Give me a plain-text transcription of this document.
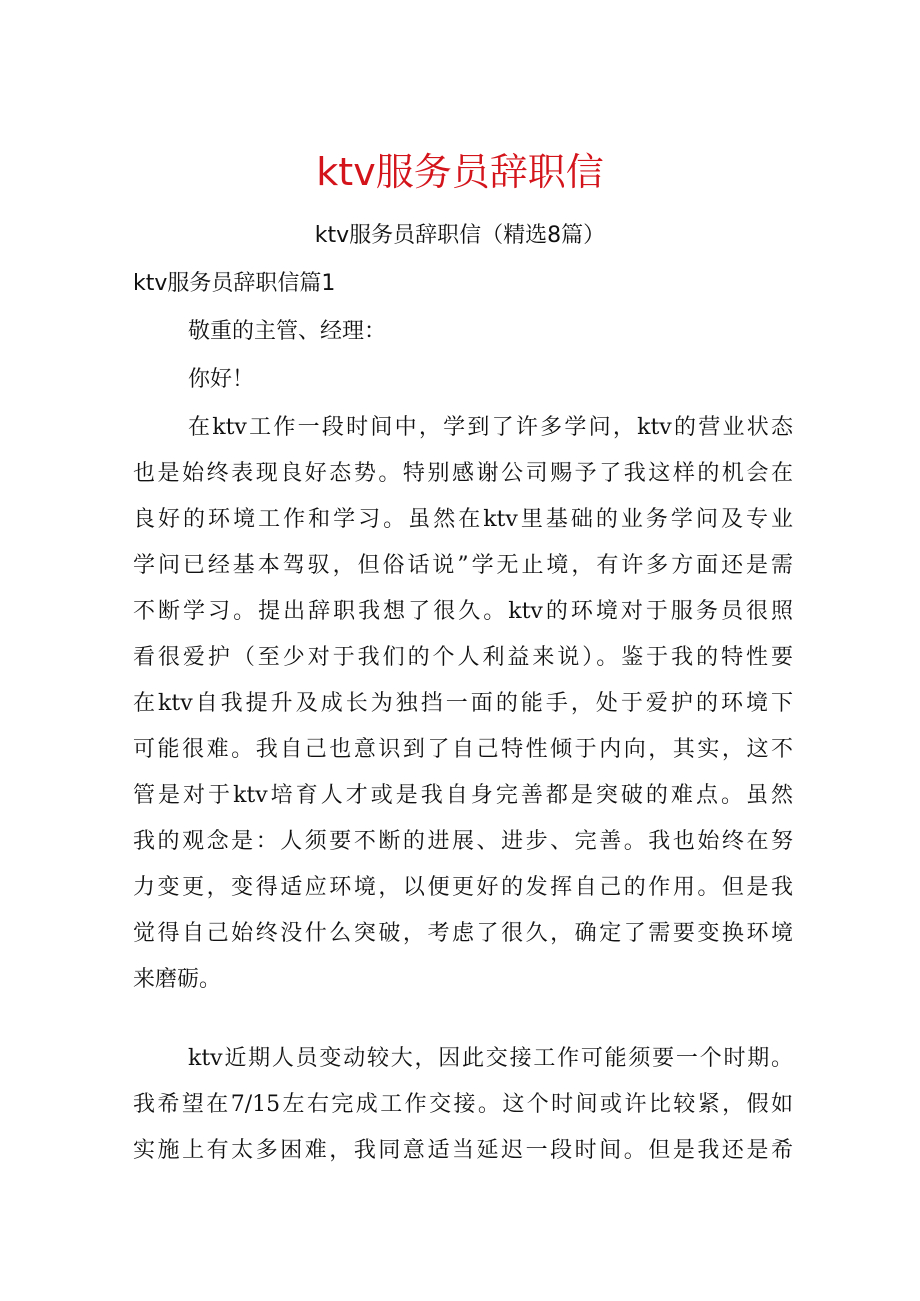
ktv服务员辞职信
ktv服务员辞职信（精选8篇）
ktv服务员辞职信篇1
敬重的主管、经理：
你好！
在ktv工作一段时间中，学到了许多学问，ktv的营业状态
也是始终表现良好态势。特别感谢公司赐予了我这样的机会在
良好的环境工作和学习。虽然在ktv里基础的业务学问及专业
学问已经基本驾驭，但俗话说”学无止境，有许多方面还是需
不断学习。提出辞职我想了很久。ktv的环境对于服务员很照
看很爱护（至少对于我们的个人利益来说）。鉴于我的特性要
在ktv自我提升及成长为独挡一面的能手，处于爱护的环境下
可能很难。我自己也意识到了自己特性倾于内向，其实，这不
管是对于ktv培育人才或是我自身完善都是突破的难点。虽然
我的观念是：人须要不断的进展、进步、完善。我也始终在努
力变更，变得适应环境，以便更好的发挥自己的作用。但是我
觉得自己始终没什么突破，考虑了很久，确定了需要变换环境
来磨砺。
ktv近期人员变动较大，因此交接工作可能须要一个时期。
我希望在7/15左右完成工作交接。这个时间或许比较紧，假如
实施上有太多困难，我同意适当延迟一段时间。但是我还是希
